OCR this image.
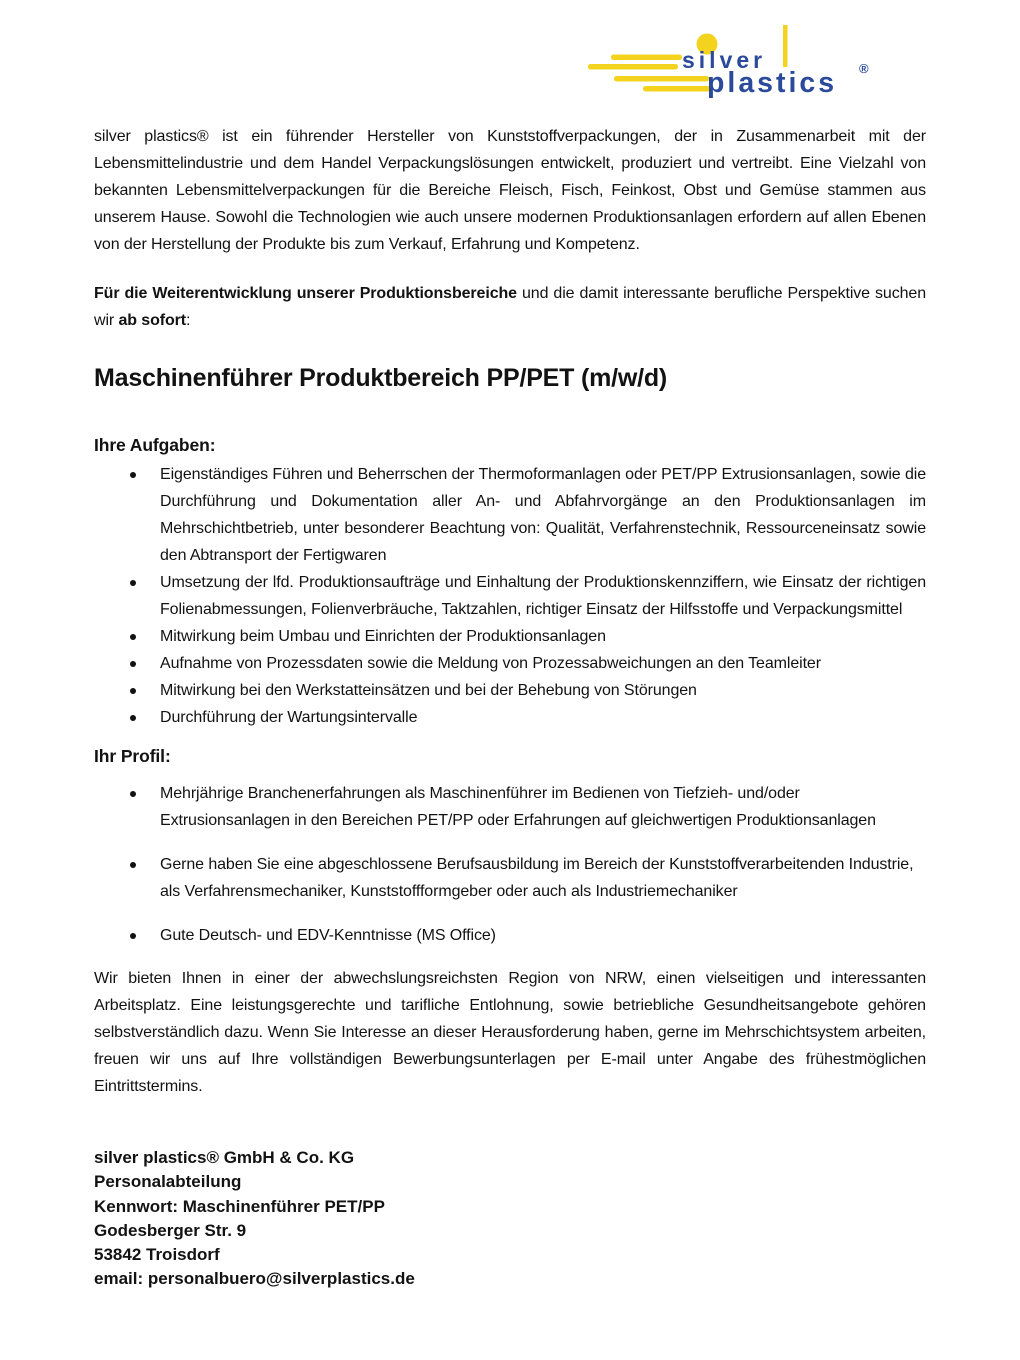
silver
plastics ®

silver plastics® ist ein führender Hersteller von Kunststoffverpackungen, der in Zusammenarbeit mit der Lebensmittelindustrie und dem Handel Verpackungslösungen entwickelt, produziert und vertreibt. Eine Vielzahl von bekannten Lebensmittelverpackungen für die Bereiche Fleisch, Fisch, Feinkost, Obst und Gemüse stammen aus unserem Hause. Sowohl die Technologien wie auch unsere modernen Produktionsanlagen erfordern auf allen Ebenen von der Herstellung der Produkte bis zum Verkauf, Erfahrung und Kompetenz.

Für die Weiterentwicklung unserer Produktionsbereiche und die damit interessante berufliche Perspektive suchen wir ab sofort:

Maschinenführer Produktbereich PP/PET (m/w/d)
Ihre Aufgaben:
Eigenständiges Führen und Beherrschen der Thermoformanlagen oder PET/PP Extrusionsanlagen, sowie die Durchführung und Dokumentation aller An- und Abfahrvorgänge an den Produktionsanlagen im Mehrschichtbetrieb, unter besonderer Beachtung von: Qualität, Verfahrenstechnik, Ressourceneinsatz sowie den Abtransport der Fertigwaren
Umsetzung der lfd. Produktionsaufträge und Einhaltung der Produktionskennziffern, wie Einsatz der richtigen Folienabmessungen, Folienverbräuche, Taktzahlen, richtiger Einsatz der Hilfsstoffe und Verpackungsmittel
Mitwirkung beim Umbau und Einrichten der Produktionsanlagen
Aufnahme von Prozessdaten sowie die Meldung von Prozessabweichungen an den Teamleiter
Mitwirkung bei den Werkstatteinsätzen und bei der Behebung von Störungen
Durchführung der Wartungsintervalle
Ihr Profil:
Mehrjährige Branchenerfahrungen als Maschinenführer im Bedienen von Tiefzieh- und/oder Extrusionsanlagen in den Bereichen PET/PP oder Erfahrungen auf gleichwertigen Produktionsanlagen
Gerne haben Sie eine abgeschlossene Berufsausbildung im Bereich der Kunststoffverarbeitenden Industrie, als Verfahrensmechaniker, Kunststoffformgeber oder auch als Industriemechaniker
Gute Deutsch- und EDV-Kenntnisse (MS Office)

Wir bieten Ihnen in einer der abwechslungsreichsten Region von NRW, einen vielseitigen und interessanten Arbeitsplatz. Eine leistungsgerechte und tarifliche Entlohnung, sowie betriebliche Gesundheitsangebote gehören selbstverständlich dazu. Wenn Sie Interesse an dieser Herausforderung haben, gerne im Mehrschichtsystem arbeiten, freuen wir uns auf Ihre vollständigen Bewerbungsunterlagen per E-mail unter Angabe des frühestmöglichen Eintrittstermins.

silver plastics® GmbH & Co. KG
Personalabteilung
Kennwort: Maschinenführer PET/PP
Godesberger Str. 9
53842 Troisdorf
email: personalbuero@silverplastics.de
